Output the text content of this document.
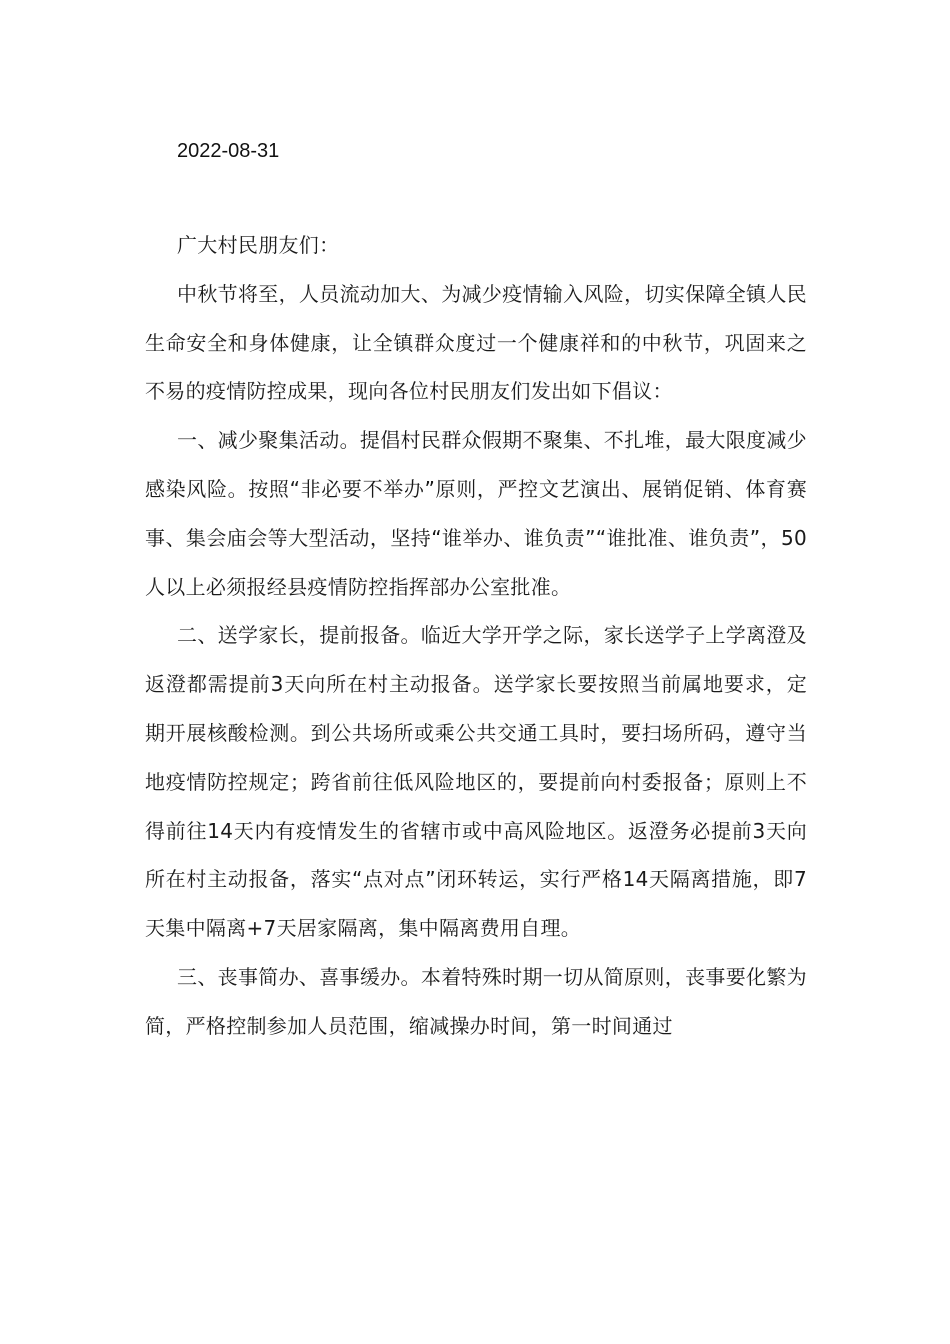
2022-08-31

广大村民朋友们：

中秋节将至，人员流动加大、为减少疫情输入风险，切实保障全镇人民生命安全和身体健康，让全镇群众度过一个健康祥和的中秋节，巩固来之不易的疫情防控成果，现向各位村民朋友们发出如下倡议：

一、减少聚集活动。提倡村民群众假期不聚集、不扎堆，最大限度减少感染风险。按照“非必要不举办”原则，严控文艺演出、展销促销、体育赛事、集会庙会等大型活动，坚持“谁举办、谁负责”“谁批准、谁负责”，50人以上必须报经县疫情防控指挥部办公室批准。

二、送学家长，提前报备。临近大学开学之际，家长送学子上学离澄及返澄都需提前3天向所在村主动报备。送学家长要按照当前属地要求，定期开展核酸检测。到公共场所或乘公共交通工具时，要扫场所码，遵守当地疫情防控规定；跨省前往低风险地区的，要提前向村委报备；原则上不得前往14天内有疫情发生的省辖市或中高风险地区。返澄务必提前3天向所在村主动报备，落实“点对点”闭环转运，实行严格14天隔离措施，即7天集中隔离+7天居家隔离，集中隔离费用自理。

三、丧事简办、喜事缓办。本着特殊时期一切从简原则，丧事要化繁为简，严格控制参加人员范围，缩减操办时间，第一时间通过
